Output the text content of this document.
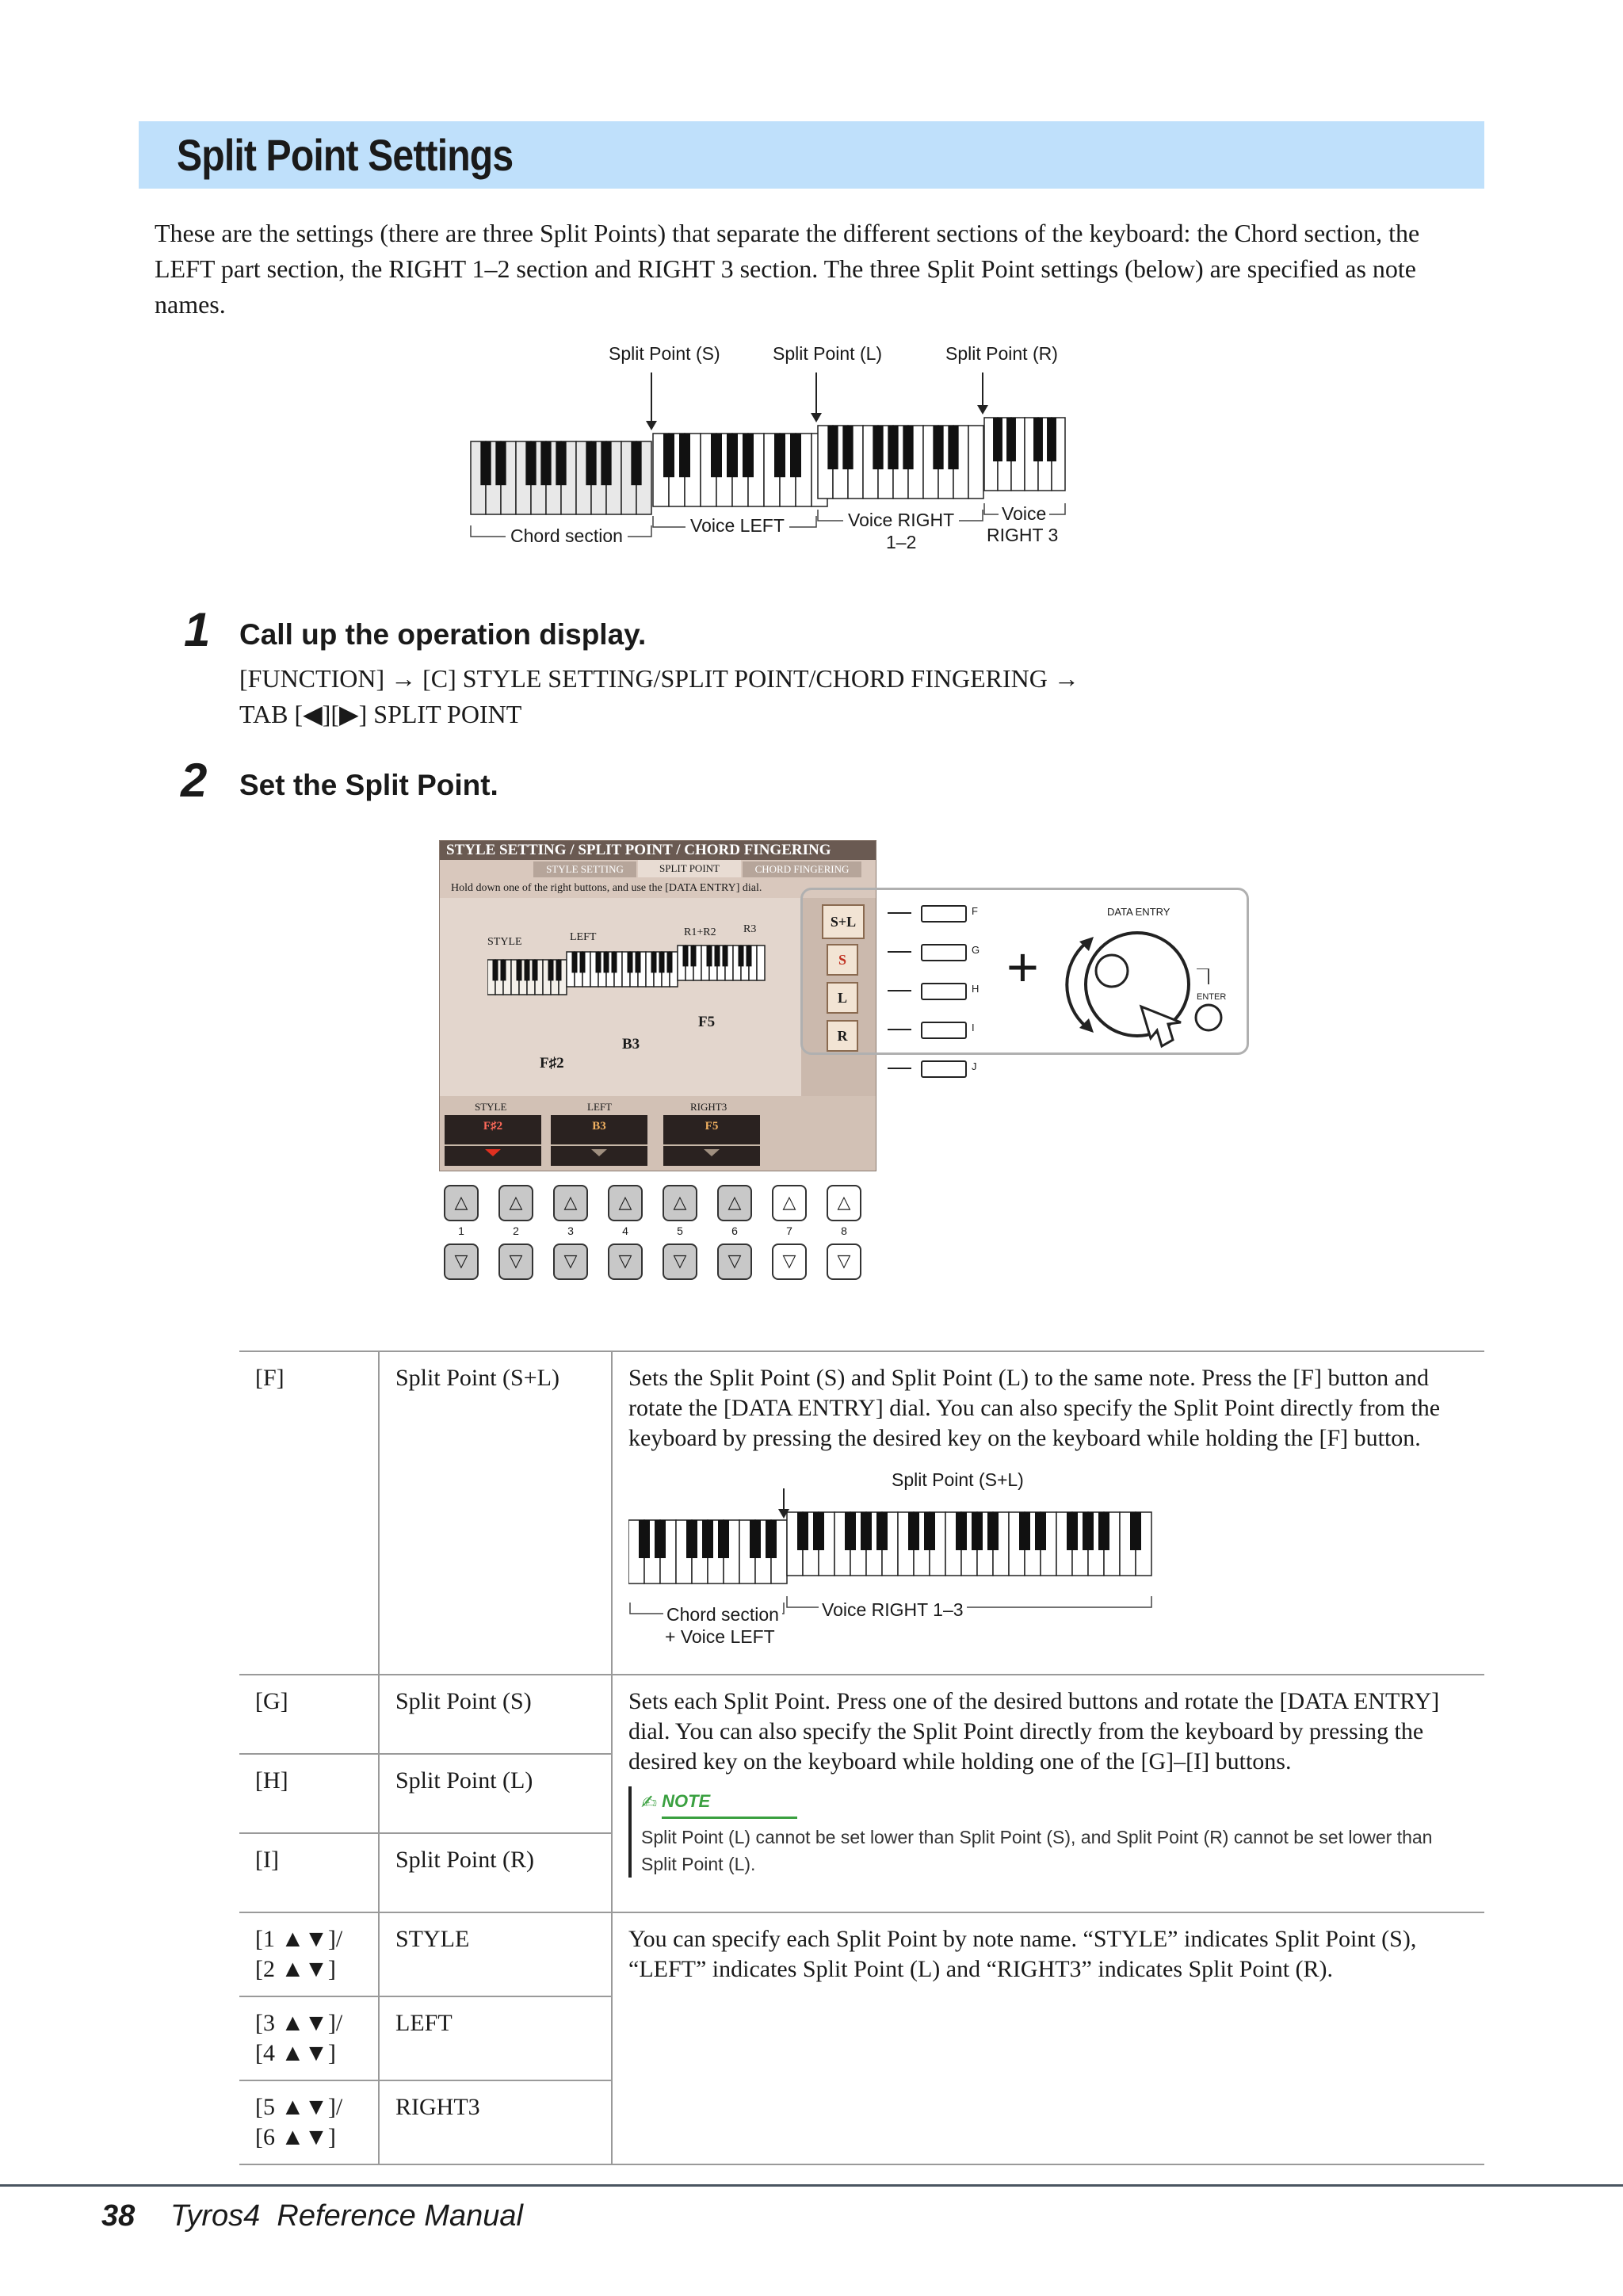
Split Point Settings
These are the settings (there are three Split Points) that separate the different sections of the keyboard: the Chord section, the LEFT part section, the RIGHT 1–2 section and RIGHT 3 section. The three Split Point settings (below) are specified as note names.
Split Point (S)	Split Point (L)	Split Point (R)
Chord section	Voice LEFT	Voice RIGHT
1–2
Voice
RIGHT 3
1 Call up the operation display.
[FUNCTION] → [C] STYLE SETTING/SPLIT POINT/CHORD FINGERING →
TAB [◀][▶] SPLIT POINT
2 Set the Split Point.
STYLE SETTING / SPLIT POINT / CHORD FINGERING
STYLE SETTING	SPLIT POINT	CHORD FINGERING
Hold down one of the right buttons, and use the [DATA ENTRY] dial.
STYLE	LEFT	R1+R2 R3
F5
B3
F♯2
S+L
S
L
R
STYLE	LEFT	RIGHT3
F♯2	B3	F5
F
G
H
I
J
+
DATA ENTRY
ENTER
△
1
▽
△
2
▽
△
3
▽
△
4
▽
△
5
▽
△
6
▽
△
7
▽
△
8
▽
[F]	Split Point (S+L)	Sets the Split Point (S) and Split Point (L) to the same note. Press the [F] button and rotate the [DATA ENTRY] dial. You can also specify the Split Point directly from the keyboard by pressing the desired key on the keyboard while holding the [F] button.
Split Point (S+L)
Voice RIGHT 1–3
Chord section
+ Voice LEFT

[G]	Split Point (S)	Sets each Split Point. Press one of the desired buttons and rotate the [DATA ENTRY] dial. You can also specify the Split Point directly from the keyboard by pressing the desired key on the keyboard while holding one of the [G]–[I] buttons.
✍ NOTE
Split Point (L) cannot be set lower than Split Point (S), and Split Point (R) cannot be set lower than Split Point (L).

[H]	Split Point (L)	
[I]	Split Point (R)	

[1 ▲▼]/
[2 ▲▼]	STYLE	You can specify each Split Point by note name. “STYLE” indicates Split Point (S), “LEFT” indicates Split Point (L) and “RIGHT3” indicates Split Point (R).

[3 ▲▼]/
[4 ▲▼]	LEFT	

[5 ▲▼]/
[6 ▲▼]	RIGHT3	
38 Tyros4  Reference Manual
